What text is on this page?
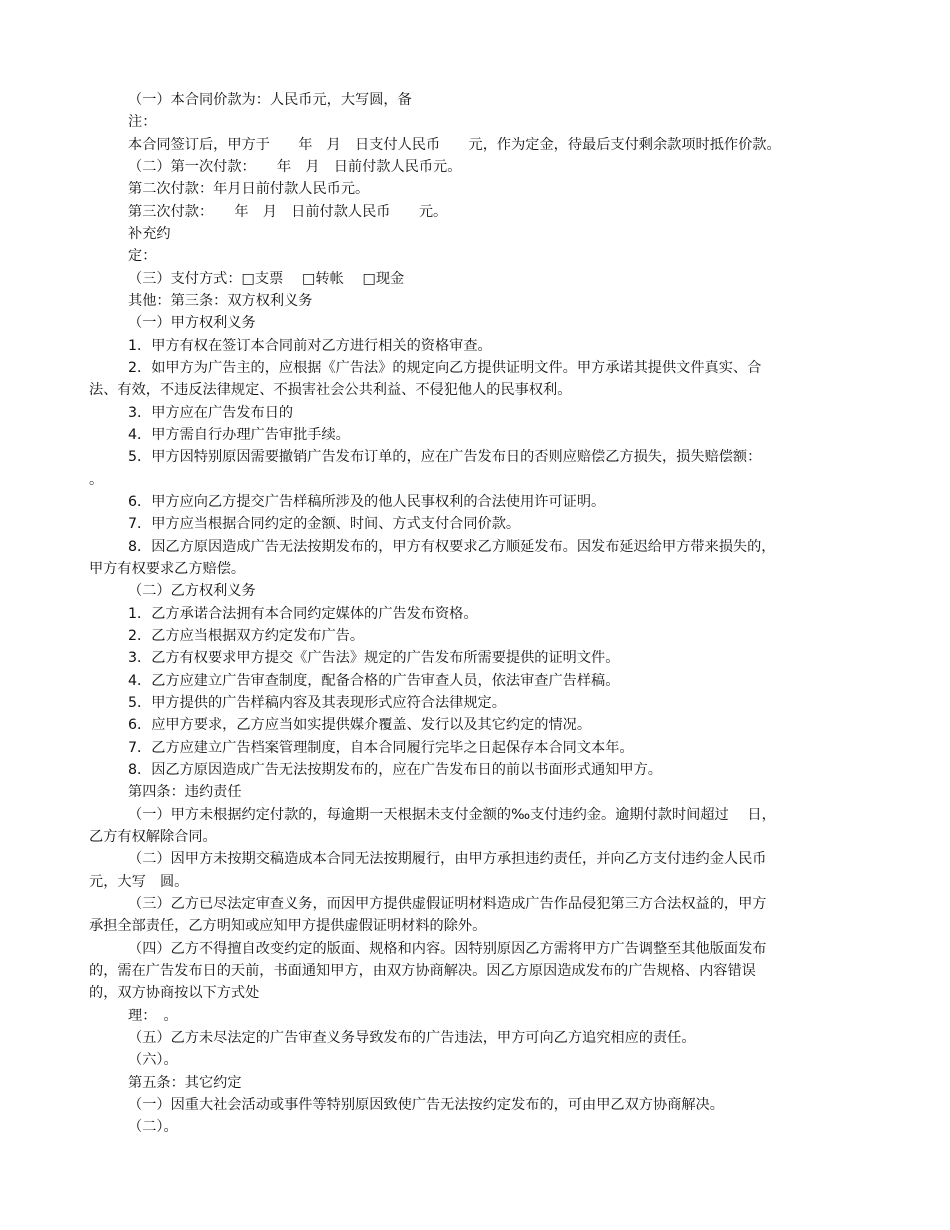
（一）本合同价款为：人民币元，大写圆，备
注：
本合同签订后，甲方于　　年　月　日支付人民币　　元，作为定金，待最后支付剩余款项时抵作价款。
（二）第一次付款：　　年　月　日前付款人民币元。
第二次付款：年月日前付款人民币元。
第三次付款：　　年　月　日前付款人民币　　元。
补充约
定：
（三）支付方式：□支票　 □转帐　 □现金
其他：第三条：双方权利义务
（一）甲方权利义务
1．甲方有权在签订本合同前对乙方进行相关的资格审查。
2．如甲方为广告主的，应根据《广告法》的规定向乙方提供证明文件。甲方承诺其提供文件真实、合
法、有效，不违反法律规定、不损害社会公共利益、不侵犯他人的民事权利。
3．甲方应在广告发布日的
4．甲方需自行办理广告审批手续。
5．甲方因特别原因需要撤销广告发布订单的，应在广告发布日的否则应赔偿乙方损失，损失赔偿额：
。
6．甲方应向乙方提交广告样稿所涉及的他人民事权利的合法使用许可证明。
7．甲方应当根据合同约定的金额、时间、方式支付合同价款。
8．因乙方原因造成广告无法按期发布的，甲方有权要求乙方顺延发布。因发布延迟给甲方带来损失的，
甲方有权要求乙方赔偿。
（二）乙方权利义务
1．乙方承诺合法拥有本合同约定媒体的广告发布资格。
2．乙方应当根据双方约定发布广告。
3．乙方有权要求甲方提交《广告法》规定的广告发布所需要提供的证明文件。
4．乙方应建立广告审查制度，配备合格的广告审查人员，依法审查广告样稿。
5．甲方提供的广告样稿内容及其表现形式应符合法律规定。
6．应甲方要求，乙方应当如实提供媒介覆盖、发行以及其它约定的情况。
7．乙方应建立广告档案管理制度，自本合同履行完毕之日起保存本合同文本年。
8．因乙方原因造成广告无法按期发布的，应在广告发布日的前以书面形式通知甲方。
第四条：违约责任
（一）甲方未根据约定付款的，每逾期一天根据未支付金额的‰支付违约金。逾期付款时间超过　 日，
乙方有权解除合同。
（二）因甲方未按期交稿造成本合同无法按期履行，由甲方承担违约责任，并向乙方支付违约金人民币
元，大写　圆。
（三）乙方已尽法定审查义务，而因甲方提供虚假证明材料造成广告作品侵犯第三方合法权益的，甲方
承担全部责任，乙方明知或应知甲方提供虚假证明材料的除外。
（四）乙方不得擅自改变约定的版面、规格和内容。因特别原因乙方需将甲方广告调整至其他版面发布
的，需在广告发布日的天前，书面通知甲方，由双方协商解决。因乙方原因造成发布的广告规格、内容错误
的，双方协商按以下方式处
理：　。
（五）乙方未尽法定的广告审查义务导致发布的广告违法，甲方可向乙方追究相应的责任。
（六）。
第五条：其它约定
（一）因重大社会活动或事件等特别原因致使广告无法按约定发布的，可由甲乙双方协商解决。
（二）。
